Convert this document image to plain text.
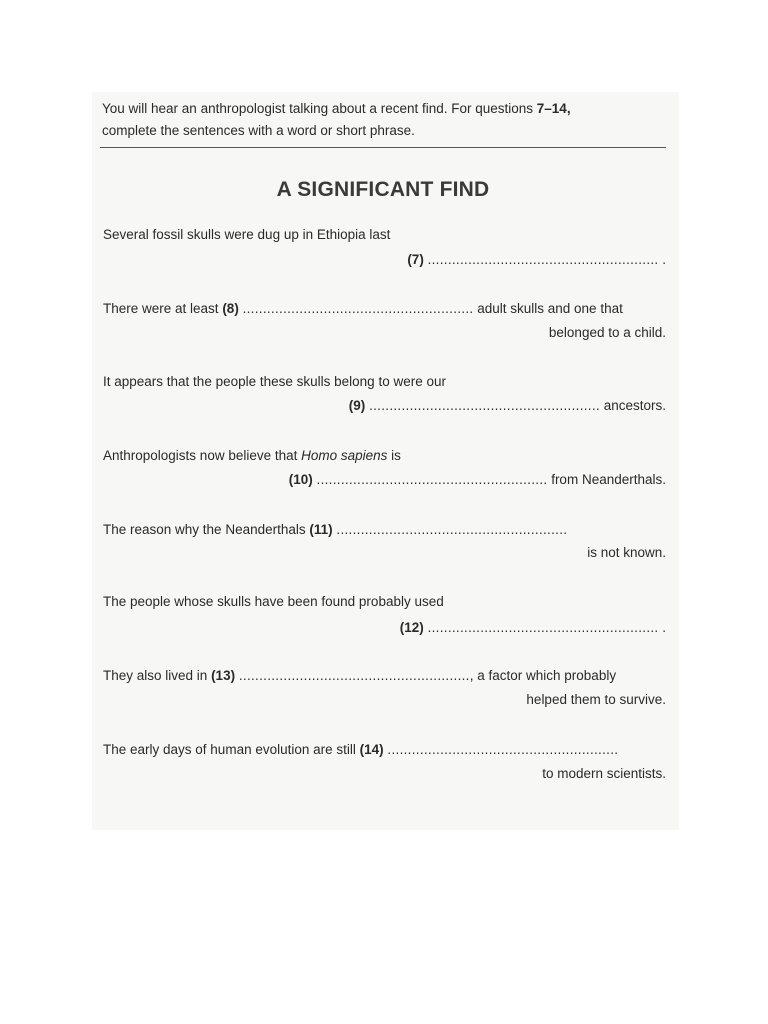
You will hear an anthropologist talking about a recent find. For questions 7–14,
complete the sentences with a word or short phrase.
A SIGNIFICANT FIND
Several fossil skulls were dug up in Ethiopia last
(7) ......................................................... .
There were at least (8) ......................................................... adult skulls and one that
belonged to a child.
It appears that the people these skulls belong to were our
(9) ......................................................... ancestors.
Anthropologists now believe that Homo sapiens is
(10) ......................................................... from Neanderthals.
The reason why the Neanderthals (11) .........................................................
is not known.
The people whose skulls have been found probably used
(12) ......................................................... .
They also lived in (13) ........................................................., a factor which probably
helped them to survive.
The early days of human evolution are still (14) .........................................................
to modern scientists.
